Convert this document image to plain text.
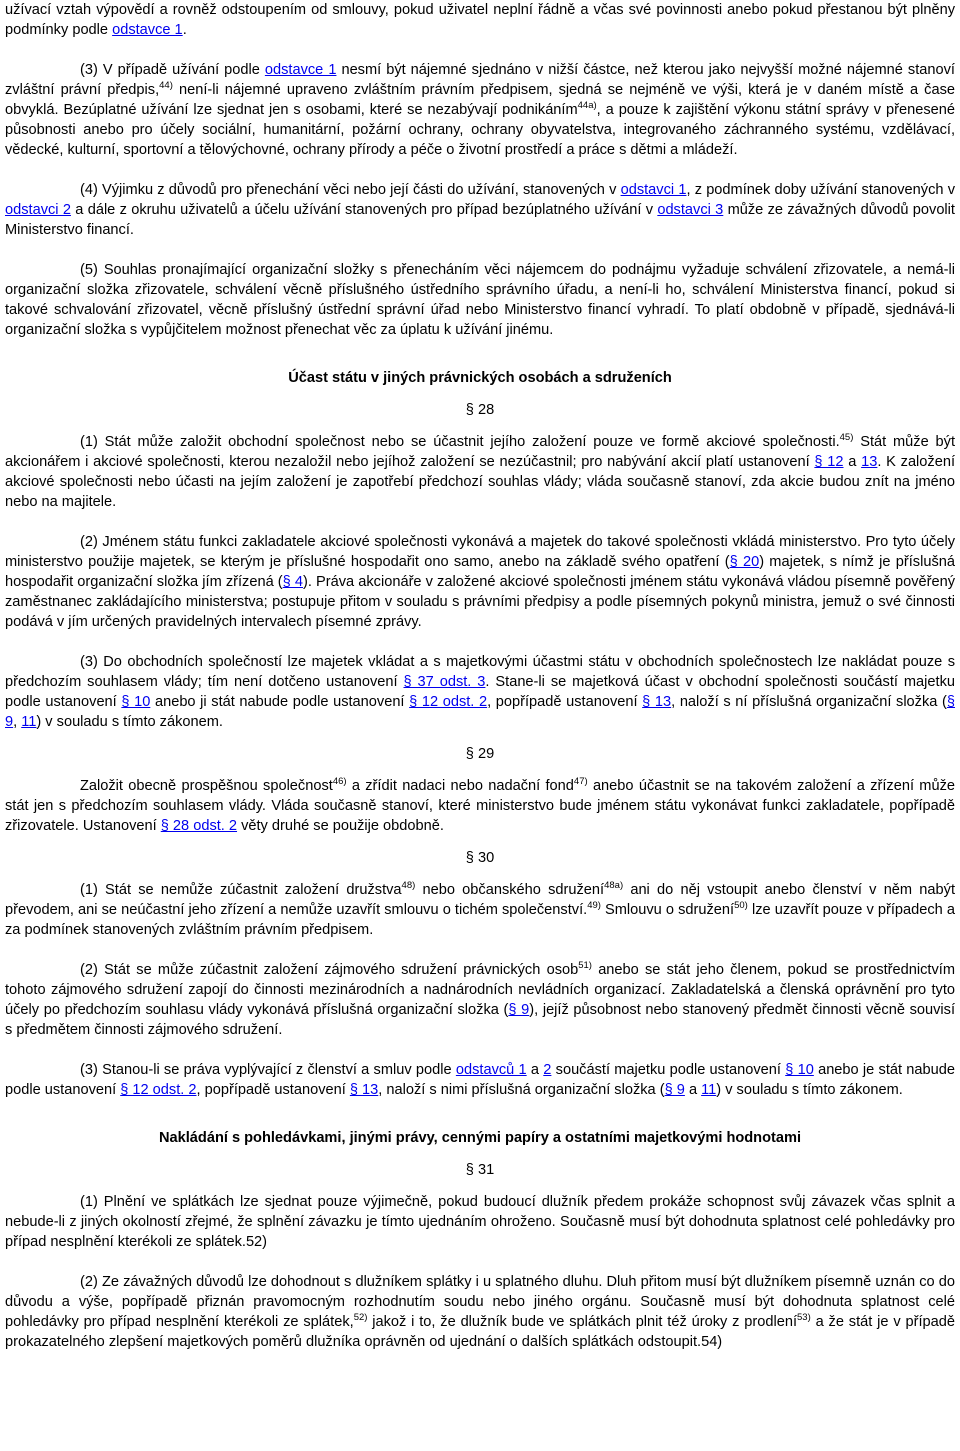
užívací vztah výpovědí a rovněž odstoupením od smlouvy, pokud uživatel neplní řádně a včas své povinnosti anebo pokud přestanou být plněny podmínky podle odstavce 1.

(3) V případě užívání podle odstavce 1 nesmí být nájemné sjednáno v nižší částce, než kterou jako nejvyšší možné nájemné stanoví zvláštní právní předpis,$^{44)}$ není-li nájemné upraveno zvláštním právním předpisem, sjedná se nejméně ve výši, která je v daném místě a čase obvyklá. Bezúplatné užívání lze sjednat jen s osobami, které se nezabývají podnikáním$^{44a)}$, a pouze k zajištění výkonu státní správy v přenesené působnosti anebo pro účely sociální, humanitární, požární ochrany, ochrany obyvatelstva, integrovaného záchranného systému, vzdělávací, vědecké, kulturní, sportovní a tělovýchovné, ochrany přírody a péče o životní prostředí a práce s dětmi a mládeží.

(4) Výjimku z důvodů pro přenechání věci nebo její části do užívání, stanovených v odstavci 1, z podmínek doby užívání stanovených v odstavci 2 a dále z okruhu uživatelů a účelu užívání stanovených pro případ bezúplatného užívání v odstavci 3 může ze závažných důvodů povolit Ministerstvo financí.

(5) Souhlas pronajímající organizační složky s přenecháním věci nájemcem do podnájmu vyžaduje schválení zřizovatele, a nemá-li organizační složka zřizovatele, schválení věcně příslušného ústředního správního úřadu, a není-li ho, schválení Ministerstva financí, pokud si takové schvalování zřizovatel, věcně příslušný ústřední správní úřad nebo Ministerstvo financí vyhradí. To platí obdobně v případě, sjednává-li organizační složka s vypůjčitelem možnost přenechat věc za úplatu k užívání jinému.

Účast státu v jiných právnických osobách a sdruženích

§ 28

(1) Stát může založit obchodní společnost nebo se účastnit jejího založení pouze ve formě akciové společnosti.$^{45)}$ Stát může být akcionářem i akciové společnosti, kterou nezaložil nebo jejíhož založení se nezúčastnil; pro nabývání akcií platí ustanovení § 12 a 13. K založení akciové společnosti nebo účasti na jejím založení je zapotřebí předchozí souhlas vlády; vláda současně stanoví, zda akcie budou znít na jméno nebo na majitele.

(2) Jménem státu funkci zakladatele akciové společnosti vykonává a majetek do takové společnosti vkládá ministerstvo. Pro tyto účely ministerstvo použije majetek, se kterým je příslušné hospodařit ono samo, anebo na základě svého opatření (§ 20) majetek, s nímž je příslušná hospodařit organizační složka jím zřízená (§ 4). Práva akcionáře v založené akciové společnosti jménem státu vykonává vládou písemně pověřený zaměstnanec zakládajícího ministerstva; postupuje přitom v souladu s právními předpisy a podle písemných pokynů ministra, jemuž o své činnosti podává v jím určených pravidelných intervalech písemné zprávy.

(3) Do obchodních společností lze majetek vkládat a s majetkovými účastmi státu v obchodních společnostech lze nakládat pouze s předchozím souhlasem vlády; tím není dotčeno ustanovení § 37 odst. 3. Stane-li se majetková účast v obchodní společnosti součástí majetku podle ustanovení § 10 anebo ji stát nabude podle ustanovení § 12 odst. 2, popřípadě ustanovení § 13, naloží s ní příslušná organizační složka (§ 9, 11) v souladu s tímto zákonem.

§ 29

Založit obecně prospěšnou společnost$^{46)}$ a zřídit nadaci nebo nadační fond$^{47)}$ anebo účastnit se na takovém založení a zřízení může stát jen s předchozím souhlasem vlády. Vláda současně stanoví, které ministerstvo bude jménem státu vykonávat funkci zakladatele, popřípadě zřizovatele. Ustanovení § 28 odst. 2 věty druhé se použije obdobně.

§ 30

(1) Stát se nemůže zúčastnit založení družstva$^{48)}$ nebo občanského sdružení$^{48a)}$ ani do něj vstoupit anebo členství v něm nabýt převodem, ani se neúčastní jeho zřízení a nemůže uzavřít smlouvu o tichém společenství.$^{49)}$ Smlouvu o sdružení$^{50)}$ lze uzavřít pouze v případech a za podmínek stanovených zvláštním právním předpisem.

(2) Stát se může zúčastnit založení zájmového sdružení právnických osob$^{51)}$ anebo se stát jeho členem, pokud se prostřednictvím tohoto zájmového sdružení zapojí do činnosti mezinárodních a nadnárodních nevládních organizací. Zakladatelská a členská oprávnění pro tyto účely po předchozím souhlasu vlády vykonává příslušná organizační složka (§ 9), jejíž působnost nebo stanovený předmět činnosti věcně souvisí s předmětem činnosti zájmového sdružení.

(3) Stanou-li se práva vyplývající z členství a smluv podle odstavců 1 a 2 součástí majetku podle ustanovení § 10 anebo je stát nabude podle ustanovení § 12 odst. 2, popřípadě ustanovení § 13, naloží s nimi příslušná organizační složka (§ 9 a 11) v souladu s tímto zákonem.

Nakládání s pohledávkami, jinými právy, cennými papíry a ostatními majetkovými hodnotami

§ 31

(1) Plnění ve splátkách lze sjednat pouze výjimečně, pokud budoucí dlužník předem prokáže schopnost svůj závazek včas splnit a nebude-li z jiných okolností zřejmé, že splnění závazku je tímto ujednáním ohroženo. Současně musí být dohodnuta splatnost celé pohledávky pro případ nesplnění kterékoli ze splátek.52)

(2) Ze závažných důvodů lze dohodnout s dlužníkem splátky i u splatného dluhu. Dluh přitom musí být dlužníkem písemně uznán co do důvodu a výše, popřípadě přiznán pravomocným rozhodnutím soudu nebo jiného orgánu. Současně musí být dohodnuta splatnost celé pohledávky pro případ nesplnění kterékoli ze splátek,$^{52)}$ jakož i to, že dlužník bude ve splátkách plnit též úroky z prodlení$^{53)}$ a že stát je v případě prokazatelného zlepšení majetkových poměrů dlužníka oprávněn od ujednání o dalších splátkách odstoupit.54)
